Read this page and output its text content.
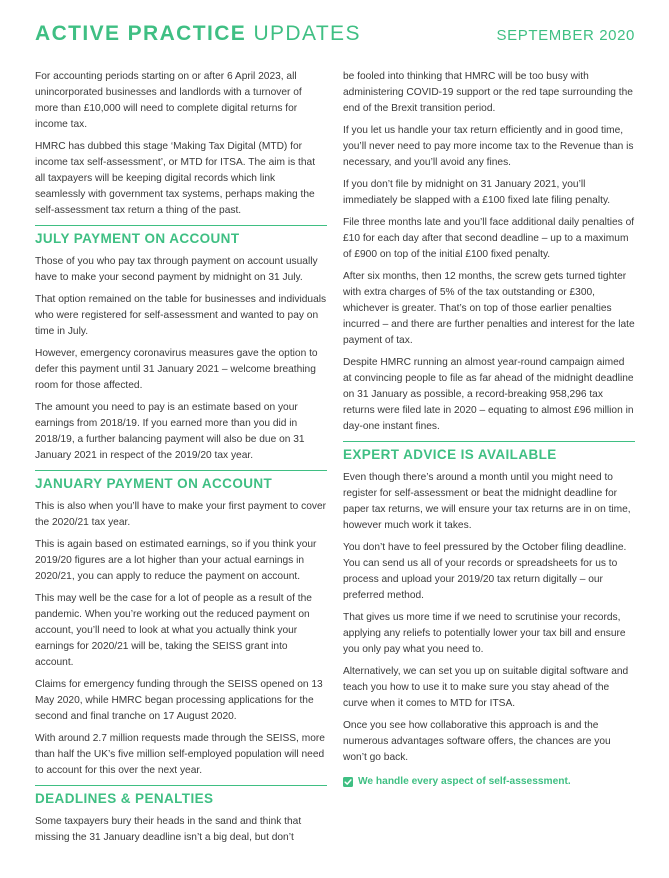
ACTIVE PRACTICE UPDATES	SEPTEMBER 2020

For accounting periods starting on or after 6 April 2023, all unincorporated businesses and landlords with a turnover of more than £10,000 will need to complete digital returns for income tax.

HMRC has dubbed this stage ‘Making Tax Digital (MTD) for income tax self-assessment’, or MTD for ITSA. The aim is that all taxpayers will be keeping digital records which link seamlessly with government tax systems, perhaps making the self-assessment tax return a thing of the past.

JULY PAYMENT ON ACCOUNT

Those of you who pay tax through payment on account usually have to make your second payment by midnight on 31 July.

That option remained on the table for businesses and individuals who were registered for self-assessment and wanted to pay on time in July.

However, emergency coronavirus measures gave the option to defer this payment until 31 January 2021 – welcome breathing room for those affected.

The amount you need to pay is an estimate based on your earnings from 2018/19. If you earned more than you did in 2018/19, a further balancing payment will also be due on 31 January 2021 in respect of the 2019/20 tax year.

JANUARY PAYMENT ON ACCOUNT

This is also when you’ll have to make your first payment to cover the 2020/21 tax year.

This is again based on estimated earnings, so if you think your 2019/20 figures are a lot higher than your actual earnings in 2020/21, you can apply to reduce the payment on account.

This may well be the case for a lot of people as a result of the pandemic. When you’re working out the reduced payment on account, you’ll need to look at what you actually think your earnings for 2020/21 will be, taking the SEISS grant into account.

Claims for emergency funding through the SEISS opened on 13 May 2020, while HMRC began processing applications for the second and final tranche on 17 August 2020.

With around 2.7 million requests made through the SEISS, more than half the UK’s five million self-employed population will need to account for this over the next year.

DEADLINES & PENALTIES

Some taxpayers bury their heads in the sand and think that missing the 31 January deadline isn’t a big deal, but don’t

be fooled into thinking that HMRC will be too busy with administering COVID-19 support or the red tape surrounding the end of the Brexit transition period.

If you let us handle your tax return efficiently and in good time, you’ll never need to pay more income tax to the Revenue than is necessary, and you’ll avoid any fines.

If you don’t file by midnight on 31 January 2021, you’ll immediately be slapped with a £100 fixed late filing penalty.

File three months late and you’ll face additional daily penalties of £10 for each day after that second deadline – up to a maximum of £900 on top of the initial £100 fixed penalty.

After six months, then 12 months, the screw gets turned tighter with extra charges of 5% of the tax outstanding or £300, whichever is greater. That’s on top of those earlier penalties incurred – and there are further penalties and interest for the late payment of tax.

Despite HMRC running an almost year-round campaign aimed at convincing people to file as far ahead of the midnight deadline on 31 January as possible, a record-breaking 958,296 tax returns were filed late in 2020 – equating to almost £96 million in day-one instant fines.

EXPERT ADVICE IS AVAILABLE

Even though there’s around a month until you might need to register for self-assessment or beat the midnight deadline for paper tax returns, we will ensure your tax returns are in on time, however much work it takes.

You don’t have to feel pressured by the October filing deadline. You can send us all of your records or spreadsheets for us to process and upload your 2019/20 tax return digitally – our preferred method.

That gives us more time if we need to scrutinise your records, applying any reliefs to potentially lower your tax bill and ensure you only pay what you need to.

Alternatively, we can set you up on suitable digital software and teach you how to use it to make sure you stay ahead of the curve when it comes to MTD for ITSA.

Once you see how collaborative this approach is and the numerous advantages software offers, the chances are you won’t go back.

We handle every aspect of self-assessment.
